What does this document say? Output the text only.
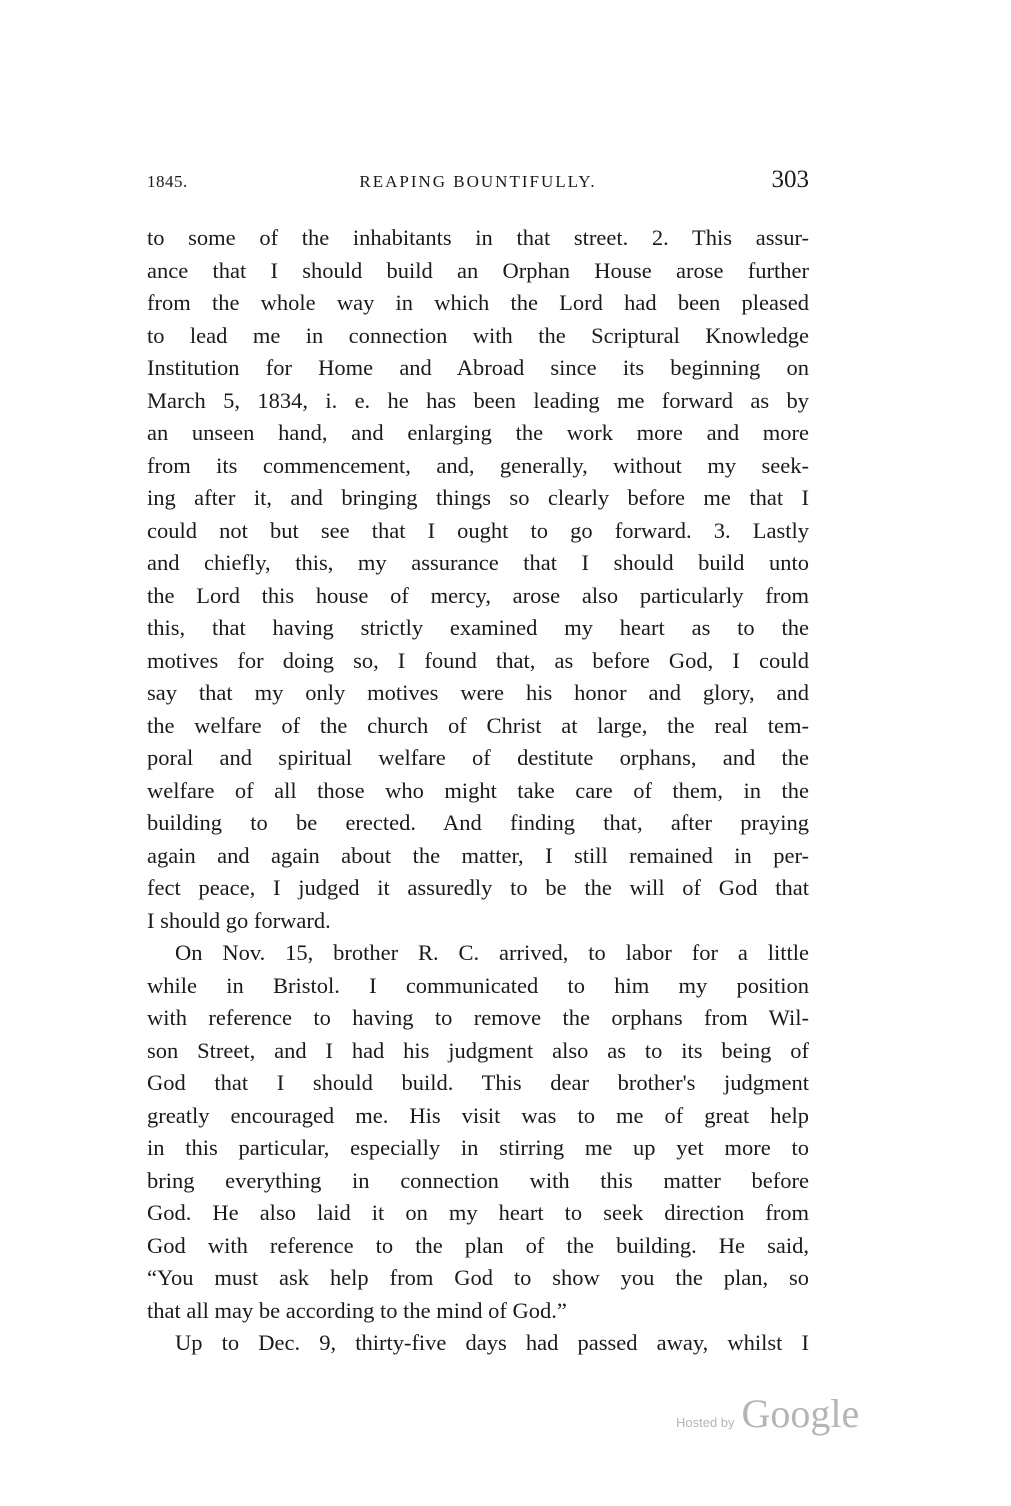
1845.	REAPING BOUNTIFULLY.	303
to some of the inhabitants in that street. 2. This assur-
ance that I should build an Orphan House arose further
from the whole way in which the Lord had been pleased
to lead me in connection with the Scriptural Knowledge
Institution for Home and Abroad since its beginning on
March 5, 1834, i. e. he has been leading me forward as by
an unseen hand, and enlarging the work more and more
from its commencement, and, generally, without my seek-
ing after it, and bringing things so clearly before me that I
could not but see that I ought to go forward. 3. Lastly
and chiefly, this, my assurance that I should build unto
the Lord this house of mercy, arose also particularly from
this, that having strictly examined my heart as to the
motives for doing so, I found that, as before God, I could
say that my only motives were his honor and glory, and
the welfare of the church of Christ at large, the real tem-
poral and spiritual welfare of destitute orphans, and the
welfare of all those who might take care of them, in the
building to be erected. And finding that, after praying
again and again about the matter, I still remained in per-
fect peace, I judged it assuredly to be the will of God that
I should go forward.
On Nov. 15, brother R. C. arrived, to labor for a little
while in Bristol. I communicated to him my position
with reference to having to remove the orphans from Wil-
son Street, and I had his judgment also as to its being of
God that I should build. This dear brother's judgment
greatly encouraged me. His visit was to me of great help
in this particular, especially in stirring me up yet more to
bring everything in connection with this matter before
God. He also laid it on my heart to seek direction from
God with reference to the plan of the building. He said,
“You must ask help from God to show you the plan, so
that all may be according to the mind of God.”
Up to Dec. 9, thirty-five days had passed away, whilst I
Hosted by Google
